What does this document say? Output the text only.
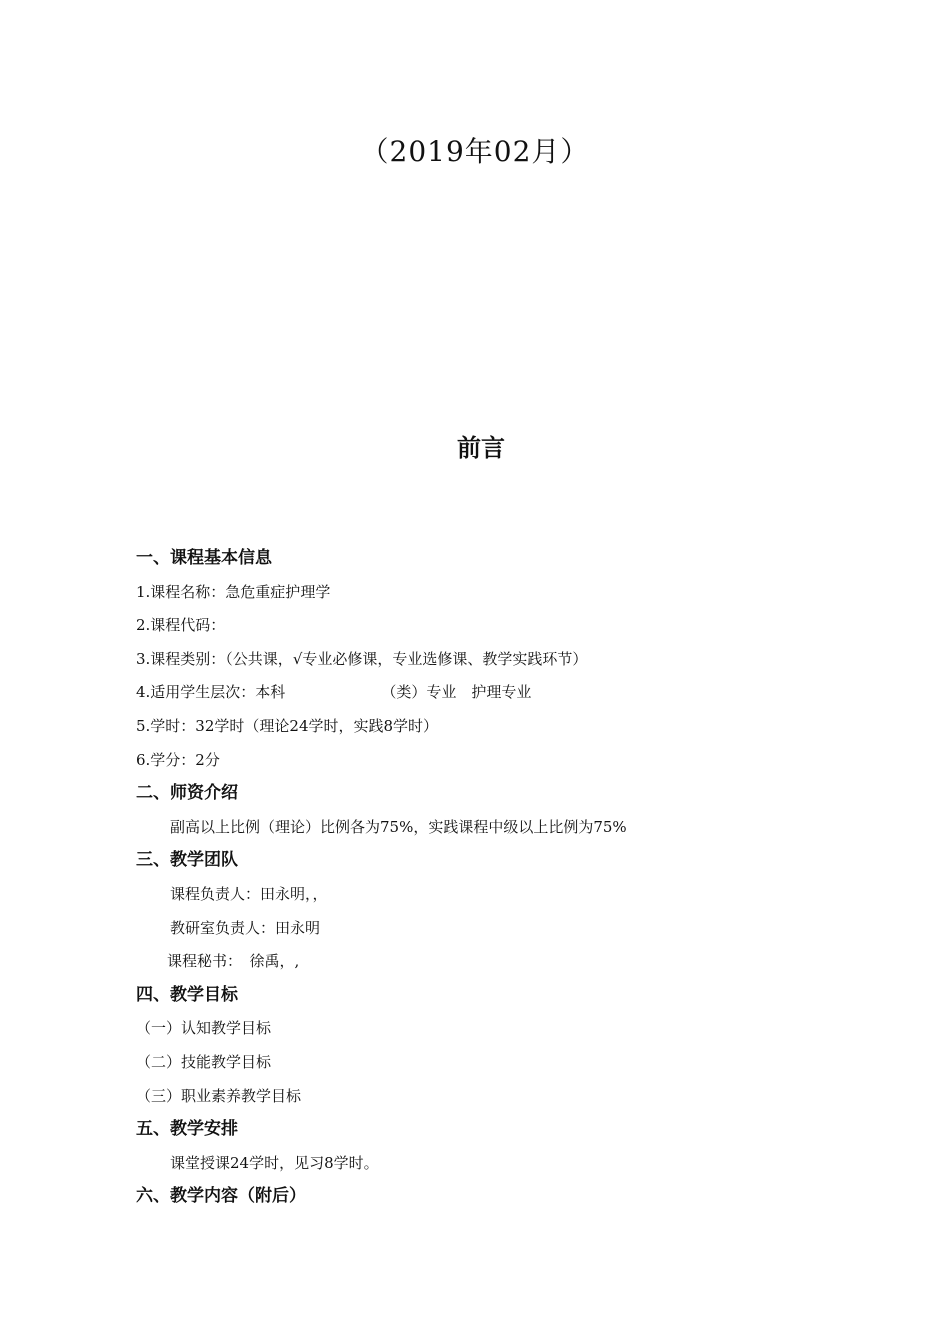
（2019年02月）
前言
一、课程基本信息
1.课程名称：急危重症护理学
2.课程代码：
3.课程类别：（公共课，√专业必修课，专业选修课、教学实践环节）
4.适用学生层次：本科	（类）专业　护理专业
5.学时：32学时（理论24学时，实践8学时）
6.学分：2分
二、师资介绍
副高以上比例（理论）比例各为75%，实践课程中级以上比例为75%
三、教学团队
课程负责人：田永明，，
教研室负责人：田永明
课程秘书：　徐禹，,
四、教学目标
（一）认知教学目标
（二）技能教学目标
（三）职业素养教学目标
五、教学安排
课堂授课24学时，见习8学时。
六、教学内容（附后）
